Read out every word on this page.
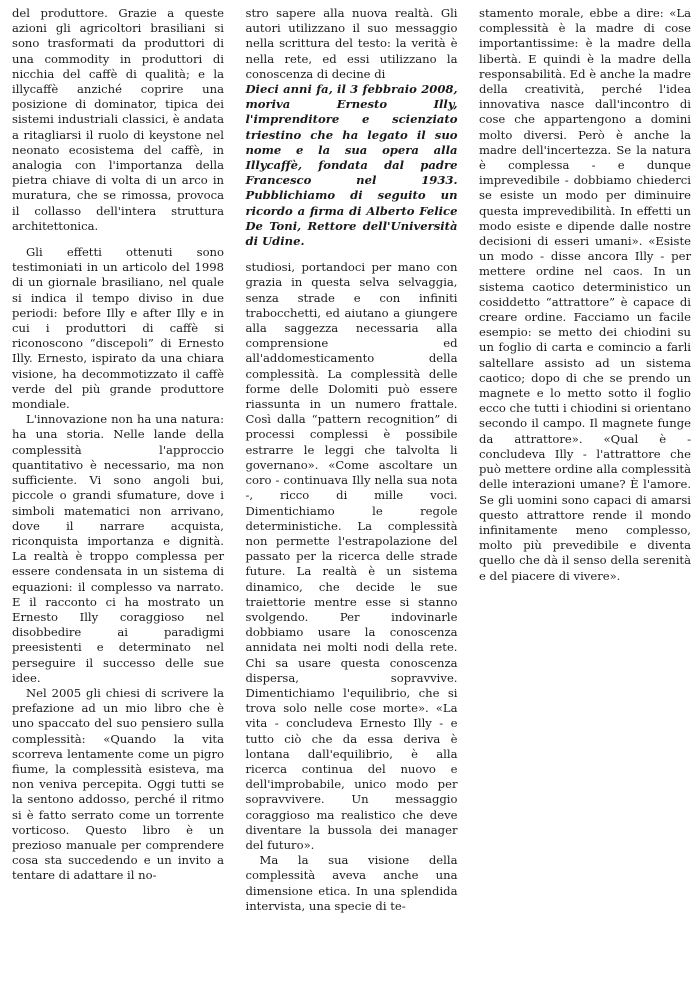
del produttore. Grazie a queste azioni gli agricoltori brasiliani si sono trasformati da produttori di una commodity in produttori di nicchia del caffè di qualità; e la illycaffè anziché coprire una posizione di dominator, tipica dei sistemi industriali classici, è andata a ritagliarsi il ruolo di keystone nel neonato ecosistema del caffè, in analogia con l'importanza della pietra chiave di volta di un arco in muratura, che se rimossa, provoca il collasso dell'intera struttura architettonica.

Gli effetti ottenuti sono testimoniati in un articolo del 1998 di un giornale brasiliano, nel quale si indica il tempo diviso in due periodi: before Illy e after Illy e in cui i produttori di caffè si riconoscono “discepoli” di Ernesto Illy. Ernesto, ispirato da una chiara visione, ha decommotizzato il caffè verde del più grande produttore mondiale.

L'innovazione non ha una natura: ha una storia. Nelle lande della complessità l'approccio quantitativo è necessario, ma non sufficiente. Vi sono angoli bui, piccole o grandi sfumature, dove i simboli matematici non arrivano, dove il narrare acquista, riconquista importanza e dignità. La realtà è troppo complessa per essere condensata in un sistema di equazioni: il complesso va narrato. E il racconto ci ha mostrato un Ernesto Illy coraggioso nel disobbedire ai paradigmi preesistenti e determinato nel perseguire il successo delle sue idee.

Nel 2005 gli chiesi di scrivere la prefazione ad un mio libro che è uno spaccato del suo pensiero sulla complessità: «Quando la vita scorreva lentamente come un pigro fiume, la complessità esisteva, ma non veniva percepita. Oggi tutti se la sentono addosso, perché il ritmo si è fatto serrato come un torrente vorticoso. Questo libro è un prezioso manuale per comprendere cosa sta succedendo e un invito a tentare di adattare il no-

stro sapere alla nuova realtà. Gli autori utilizzano il suo messaggio nella scrittura del testo: la verità è nella rete, ed essi utilizzano la conoscenza di decine di

Dieci anni fa, il 3 febbraio 2008, moriva Ernesto Illy, l'imprenditore e scienziato triestino che ha legato il suo nome e la sua opera alla Illycaffè, fondata dal padre Francesco nel 1933. Pubblichiamo di seguito un ricordo a firma di Alberto Felice De Toni, Rettore dell'Università di Udine.

studiosi, portandoci per mano con grazia in questa selva selvaggia, senza strade e con infiniti trabocchetti, ed aiutano a giungere alla saggezza necessaria alla comprensione ed all'addomesticamento della complessità. La complessità delle forme delle Dolomiti può essere riassunta in un numero frattale. Così dalla “pattern recognition” di processi complessi è possibile estrarre le leggi che talvolta li governano». «Come ascoltare un coro - continuava Illy nella sua nota -, ricco di mille voci. Dimentichiamo le regole deterministiche. La complessità non permette l'estrapolazione del passato per la ricerca delle strade future. La realtà è un sistema dinamico, che decide le sue traiettorie mentre esse si stanno svolgendo. Per indovinarle dobbiamo usare la conoscenza annidata nei molti nodi della rete. Chi sa usare questa conoscenza dispersa, sopravvive. Dimentichiamo l'equilibrio, che si trova solo nelle cose morte». «La vita - concludeva Ernesto Illy - e tutto ciò che da essa deriva è lontana dall'equilibrio, è alla ricerca continua del nuovo e dell'improbabile, unico modo per sopravvivere. Un messaggio coraggioso ma realistico che deve diventare la bussola dei manager del futuro».

Ma la sua visione della complessità aveva anche una dimensione etica. In una splendida intervista, una specie di te-

stamento morale, ebbe a dire: «La complessità è la madre di cose importantissime: è la madre della libertà. E quindi è la madre della responsabilità. Ed è anche la madre della creatività, perché l'idea innovativa nasce dall'incontro di cose che appartengono a domini molto diversi. Però è anche la madre dell'incertezza. Se la natura è complessa - e dunque imprevedibile - dobbiamo chiederci se esiste un modo per diminuire questa imprevedibilità. In effetti un modo esiste e dipende dalle nostre decisioni di esseri umani». «Esiste un modo - disse ancora Illy - per mettere ordine nel caos. In un sistema caotico deterministico un cosiddetto “attrattore” è capace di creare ordine. Facciamo un facile esempio: se metto dei chiodini su un foglio di carta e comincio a farli saltellare assisto ad un sistema caotico; dopo di che se prendo un magnete e lo metto sotto il foglio ecco che tutti i chiodini si orientano secondo il campo. Il magnete funge da attrattore». «Qual è - concludeva Illy - l'attrattore che può mettere ordine alla complessità delle interazioni umane? È l'amore. Se gli uomini sono capaci di amarsi questo attrattore rende il mondo infinitamente meno complesso, molto più prevedibile e diventa quello che dà il senso della serenità e del piacere di vivere».
